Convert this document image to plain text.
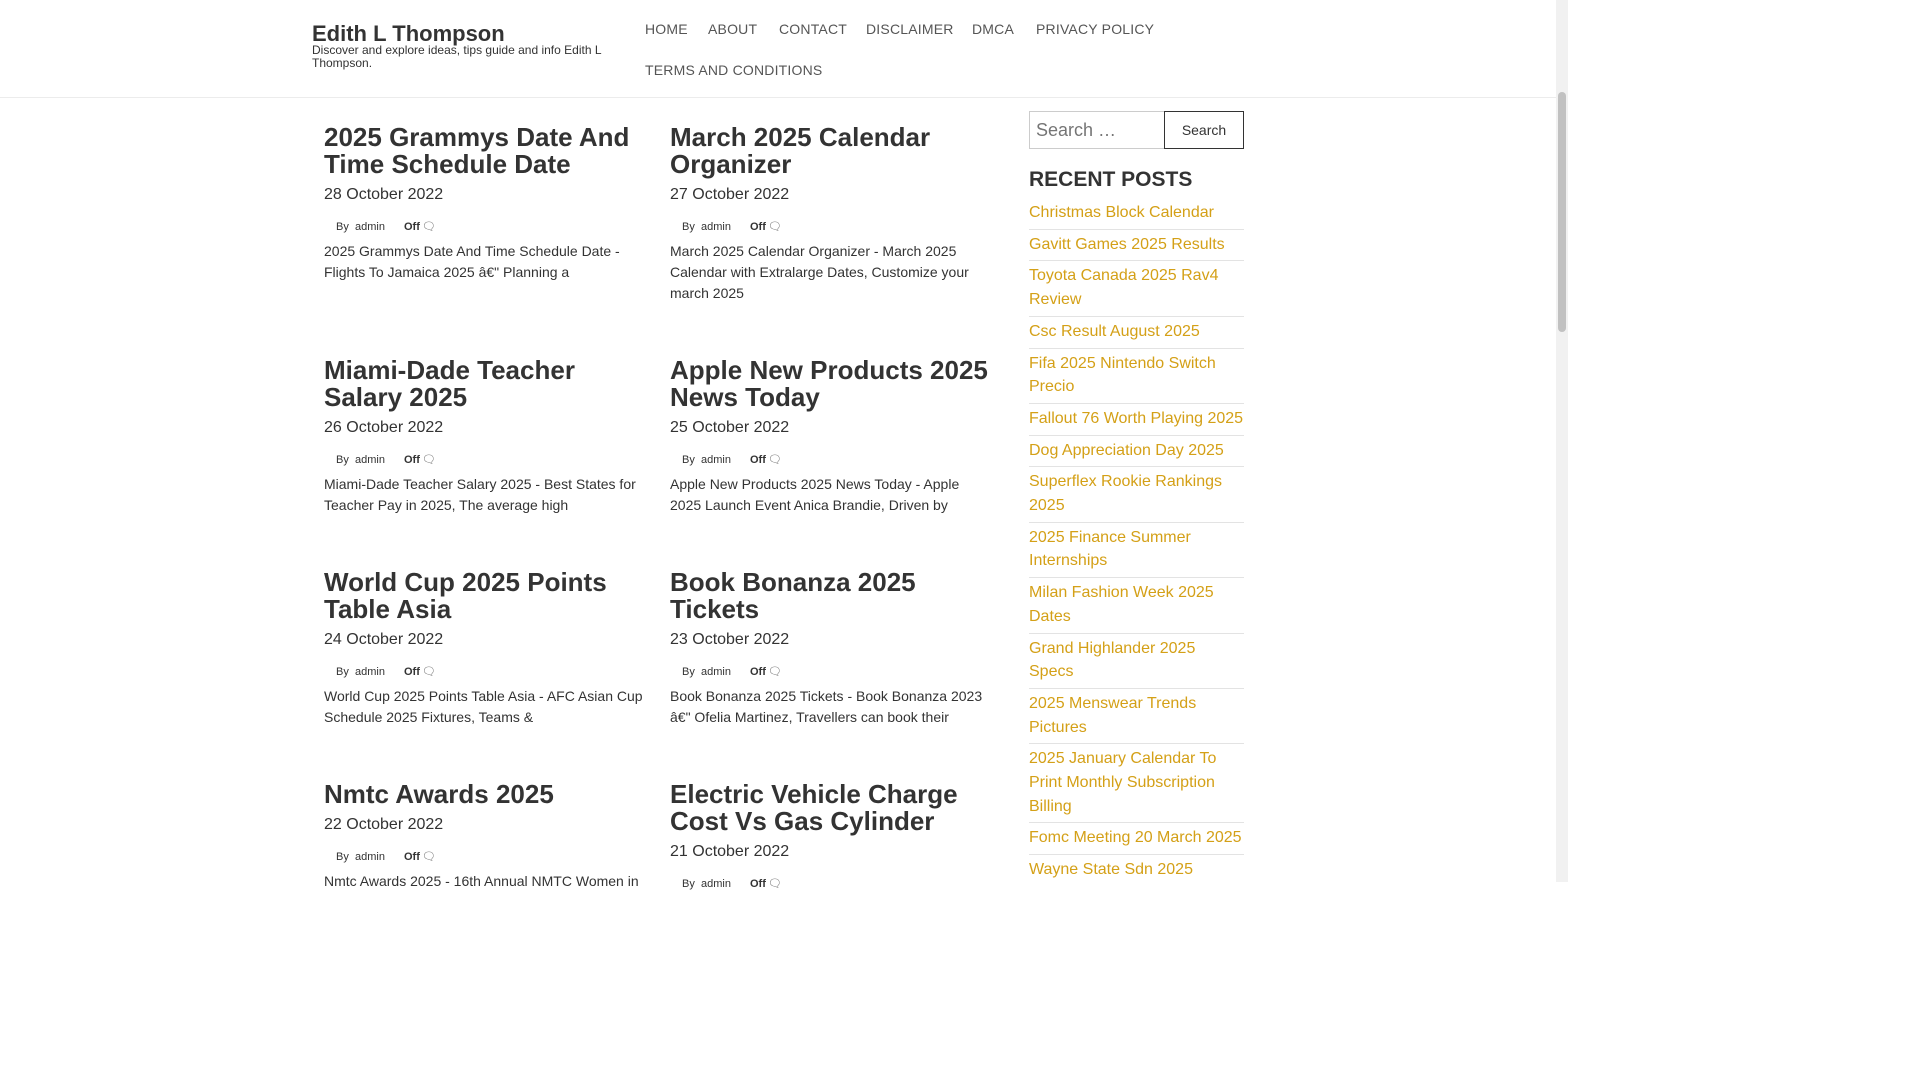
Edith L Thompson
Discover and explore ideas, tips guide and info Edith L Thompson.
HOME ABOUT CONTACT DISCLAIMER DMCA PRIVACY POLICY
TERMS AND CONDITIONS
2025 Grammys Date And Time Schedule Date
28 October 2022
By admin Off 🗨
2025 Grammys Date And Time Schedule Date - Flights To Jamaica 2025 â€" Planning a
March 2025 Calendar Organizer
27 October 2022
By admin Off 🗨
March 2025 Calendar Organizer - March 2025 Calendar with Extralarge Dates, Customize your march 2025
Miami-Dade Teacher Salary 2025
26 October 2022
By admin Off 🗨
Miami-Dade Teacher Salary 2025 - Best States for Teacher Pay in 2025, The average high
Apple New Products 2025 News Today
25 October 2022
By admin Off 🗨
Apple New Products 2025 News Today - Apple 2025 Launch Event Anica Brandie, Driven by
World Cup 2025 Points Table Asia
24 October 2022
By admin Off 🗨
World Cup 2025 Points Table Asia - AFC Asian Cup Schedule 2025 Fixtures, Teams &
Book Bonanza 2025 Tickets
23 October 2022
By admin Off 🗨
Book Bonanza 2025 Tickets - Book Bonanza 2023 â€" Ofelia Martinez, Travellers can book their
Nmtc Awards 2025
22 October 2022
By admin Off 🗨
Nmtc Awards 2025 - 16th Annual NMTC Women in
Electric Vehicle Charge Cost Vs Gas Cylinder
21 October 2022
By admin Off 🗨
Search …
Search
RECENT POSTS
Christmas Block Calendar
Gavitt Games 2025 Results
Toyota Canada 2025 Rav4 Review
Csc Result August 2025
Fifa 2025 Nintendo Switch Precio
Fallout 76 Worth Playing 2025
Dog Appreciation Day 2025
Superflex Rookie Rankings 2025
2025 Finance Summer Internships
Milan Fashion Week 2025 Dates
Grand Highlander 2025 Specs
2025 Menswear Trends Pictures
2025 January Calendar To Print Monthly Subscription Billing
Fomc Meeting 20 March 2025
Wayne State Sdn 2025
